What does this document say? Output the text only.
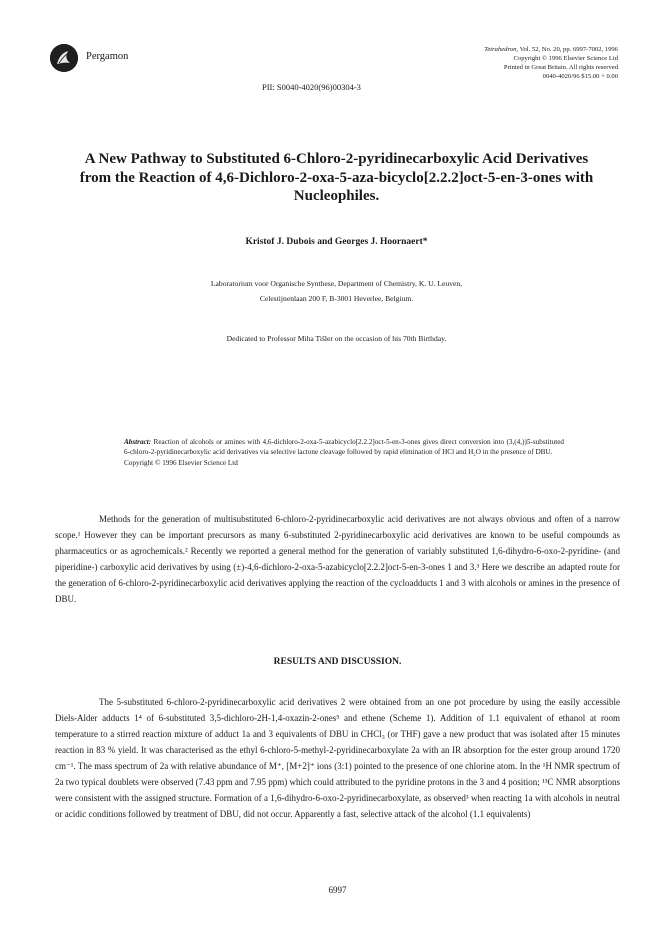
Pergamon
Tetrahedron, Vol. 52, No. 20, pp. 6997-7002, 1996
Copyright © 1996 Elsevier Science Ltd
Printed in Great Britain. All rights reserved
0040-4020/96 $15.00 + 0.00
PII: S0040-4020(96)00304-3
A New Pathway to Substituted 6-Chloro-2-pyridinecarboxylic Acid Derivatives from the Reaction of 4,6-Dichloro-2-oxa-5-aza-bicyclo[2.2.2]oct-5-en-3-ones with Nucleophiles.
Kristof J. Dubois and Georges J. Hoornaert*
Laboratorium voor Organische Synthese, Department of Chemistry, K. U. Leuven,
Celestijnenlaan 200 F, B-3001 Heverlee, Belgium.
Dedicated to Professor Miha Tišler on the occasion of his 70th Birthday.
Abstract: Reaction of alcohols or amines with 4,6-dichloro-2-oxa-5-azabicyclo[2.2.2]oct-5-en-3-ones gives direct conversion into (3,(4,))5-substituted 6-chloro-2-pyridinecarboxylic acid derivatives via selective lactone cleavage followed by rapid elimination of HCl and H₂O in the presence of DBU.
Copyright © 1996 Elsevier Science Ltd
Methods for the generation of multisubstituted 6-chloro-2-pyridinecarboxylic acid derivatives are not always obvious and often of a narrow scope.¹ However they can be important precursors as many 6-substituted 2-pyridinecarboxylic acid derivatives are known to be useful compounds as pharmaceutics or as agrochemicals.² Recently we reported a general method for the generation of variably substituted 1,6-dihydro-6-oxo-2-pyridine- (and piperidine-) carboxylic acid derivatives by using (±)-4,6-dichloro-2-oxa-5-azabicyclo[2.2.2]oct-5-en-3-ones 1 and 3.³ Here we describe an adapted route for the generation of 6-chloro-2-pyridinecarboxylic acid derivatives applying the reaction of the cycloadducts 1 and 3 with alcohols or amines in the presence of DBU.
RESULTS AND DISCUSSION.
The 5-substituted 6-chloro-2-pyridinecarboxylic acid derivatives 2 were obtained from an one pot procedure by using the easily accessible Diels-Alder adducts 1⁴ of 6-substituted 3,5-dichloro-2H-1,4-oxazin-2-ones⁵ and ethene (Scheme 1). Addition of 1.1 equivalent of ethanol at room temperature to a stirred reaction mixture of adduct 1a and 3 equivalents of DBU in CHCl₃ (or THF) gave a new product that was isolated after 15 minutes reaction in 83 % yield. It was characterised as the ethyl 6-chloro-5-methyl-2-pyridinecarboxylate 2a with an IR absorption for the ester group around 1720 cm⁻¹. The mass spectrum of 2a with relative abundance of M⁺, [M+2]⁺ ions (3:1) pointed to the presence of one chlorine atom. In the ¹H NMR spectrum of 2a two typical doublets were observed (7.43 ppm and 7.95 ppm) which could attributed to the pyridine protons in the 3 and 4 position; ¹³C NMR absorptions were consistent with the assigned structure. Formation of a 1,6-dihydro-6-oxo-2-pyridinecarboxylate, as observed³ when reacting 1a with alcohols in neutral or acidic conditions followed by treatment of DBU, did not occur. Apparently a fast, selective attack of the alcohol (1.1 equivalents)
6997
